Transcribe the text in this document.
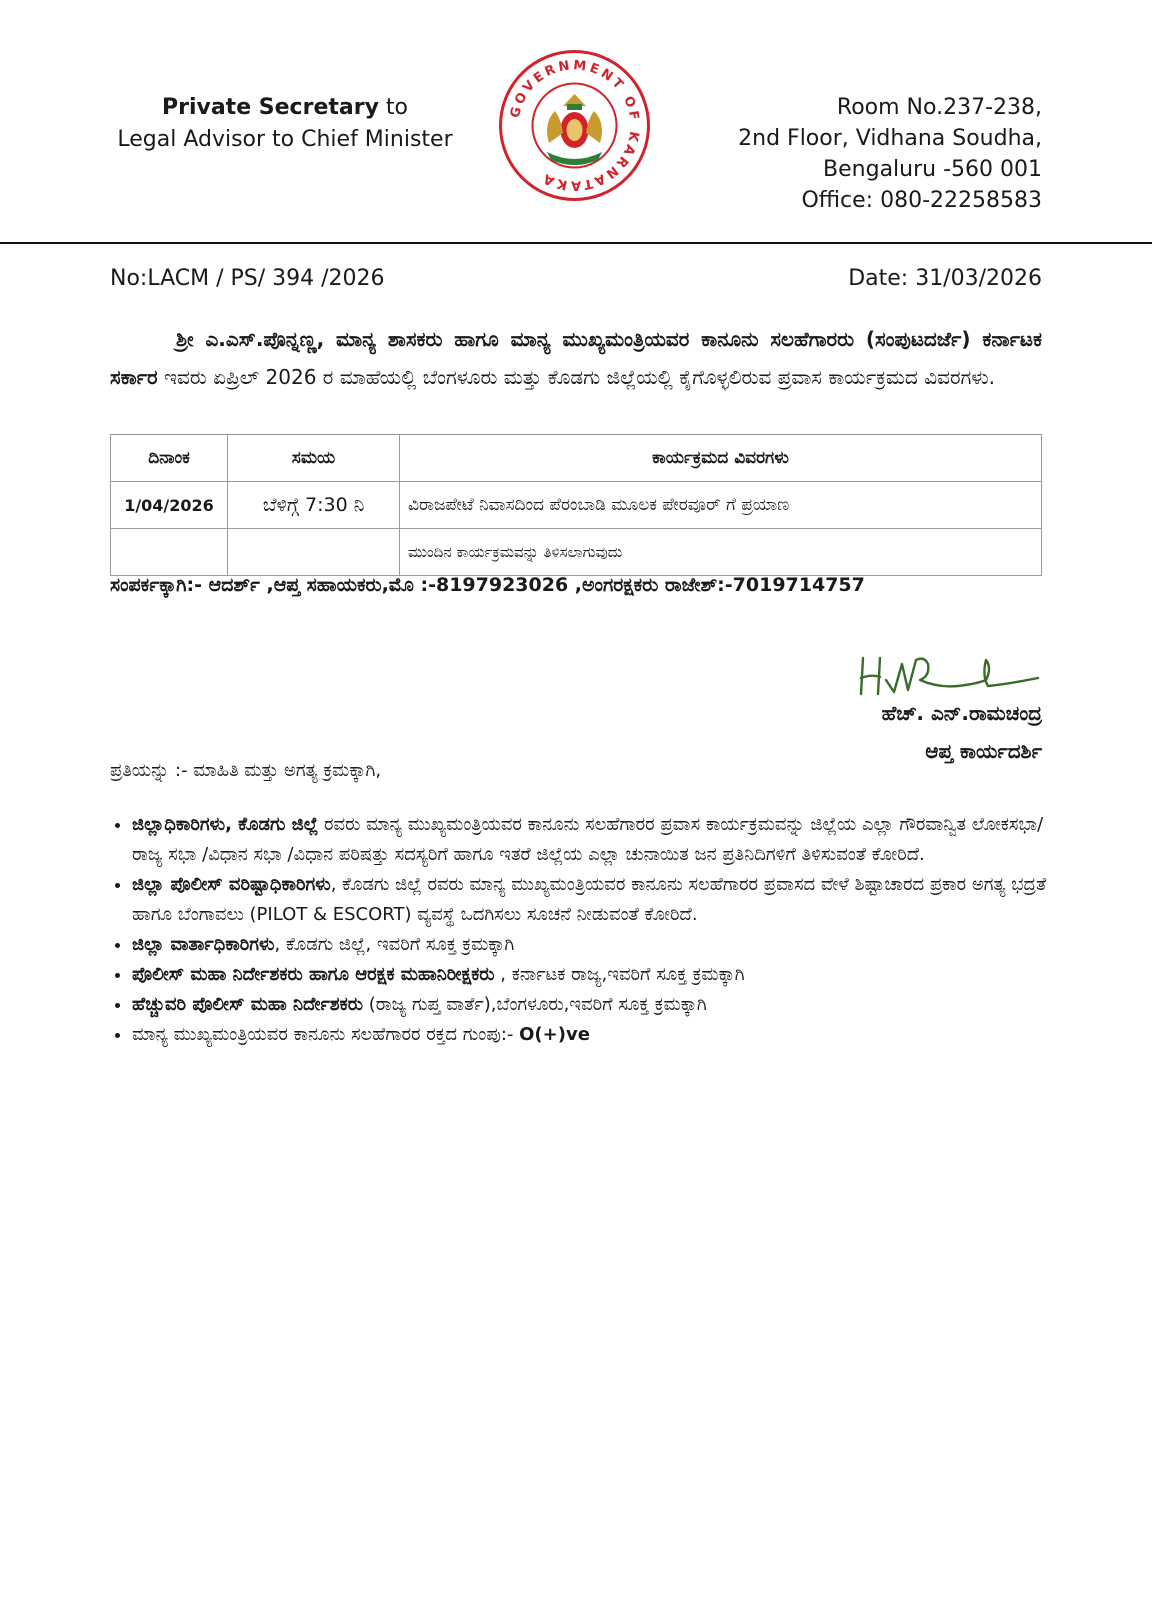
Private Secretary to
Legal Advisor to Chief Minister
GOVERNMENT OF KARNATAKA
Room No.237-238,
2nd Floor, Vidhana Soudha,
Bengaluru -560 001
Office: 080-22258583
No:LACM / PS/ 394 /2026	Date: 31/03/2026
ಶ್ರೀ ಎ.ಎಸ್.ಪೊನ್ನಣ್ಣ, ಮಾನ್ಯ ಶಾಸಕರು ಹಾಗೂ ಮಾನ್ಯ ಮುಖ್ಯಮಂತ್ರಿಯವರ ಕಾನೂನು ಸಲಹೆಗಾರರು (ಸಂಪುಟದರ್ಜೆ) ಕರ್ನಾಟಕ ಸರ್ಕಾರ ಇವರು ಏಪ್ರಿಲ್ 2026 ರ ಮಾಹೆಯಲ್ಲಿ ಬೆಂಗಳೂರು ಮತ್ತು ಕೊಡಗು ಜಿಲ್ಲೆಯಲ್ಲಿ ಕೈಗೊಳ್ಳಲಿರುವ ಪ್ರವಾಸ ಕಾರ್ಯಕ್ರಮದ ವಿವರಗಳು.
ದಿನಾಂಕ	ಸಮಯ	ಕಾರ್ಯಕ್ರಮದ ವಿವರಗಳು
1/04/2026	ಬೆಳಿಗ್ಗೆ 7:30 ನಿ	ವಿರಾಜಪೇಟೆ ನಿವಾಸದಿಂದ ಪೆರಂಬಾಡಿ ಮೂಲಕ ಪೇರವೂರ್ ಗೆ ಪ್ರಯಾಣ
		ಮುಂದಿನ ಕಾರ್ಯಕ್ರಮವನ್ನು ತಿಳಿಸಲಾಗುವುದು
ಸಂಪರ್ಕಕ್ಕಾಗಿ:- ಆದರ್ಶ್ ,ಆಪ್ತ ಸಹಾಯಕರು,ಮೊ :-8197923026 ,ಅಂಗರಕ್ಷಕರು ರಾಜೇಶ್:-7019714757
ಹೆಚ್. ಎನ್.ರಾಮಚಂದ್ರ
ಆಪ್ತ ಕಾರ್ಯದರ್ಶಿ
ಪ್ರತಿಯನ್ನು :- ಮಾಹಿತಿ ಮತ್ತು ಅಗತ್ಯ ಕ್ರಮಕ್ಕಾಗಿ,
• ಜಿಲ್ಲಾಧಿಕಾರಿಗಳು, ಕೊಡಗು ಜಿಲ್ಲೆ ರವರು ಮಾನ್ಯ ಮುಖ್ಯಮಂತ್ರಿಯವರ ಕಾನೂನು ಸಲಹೆಗಾರರ ಪ್ರವಾಸ ಕಾರ್ಯಕ್ರಮವನ್ನು ಜಿಲ್ಲೆಯ ಎಲ್ಲಾ ಗೌರವಾನ್ವಿತ ಲೋಕಸಭಾ/ರಾಜ್ಯ ಸಭಾ /ವಿಧಾನ ಸಭಾ /ವಿಧಾನ ಪರಿಷತ್ತು ಸದಸ್ಯರಿಗೆ ಹಾಗೂ ಇತರೆ ಜಿಲ್ಲೆಯ ಎಲ್ಲಾ ಚುನಾಯಿತ ಜನ ಪ್ರತಿನಿದಿಗಳಿಗೆ ತಿಳಿಸುವಂತೆ ಕೋರಿದೆ.
• ಜಿಲ್ಲಾ ಪೊಲೀಸ್ ವರಿಷ್ಟಾಧಿಕಾರಿಗಳು, ಕೊಡಗು ಜಿಲ್ಲೆ ರವರು ಮಾನ್ಯ ಮುಖ್ಯಮಂತ್ರಿಯವರ ಕಾನೂನು ಸಲಹೆಗಾರರ ಪ್ರವಾಸದ ವೇಳೆ ಶಿಷ್ಟಾಚಾರದ ಪ್ರಕಾರ ಅಗತ್ಯ ಭದ್ರತೆ ಹಾಗೂ ಬೆಂಗಾವಲು (PILOT & ESCORT) ವ್ಯವಸ್ಥೆ ಒದಗಿಸಲು ಸೂಚನೆ ನೀಡುವಂತೆ ಕೋರಿದೆ.
• ಜಿಲ್ಲಾ ವಾರ್ತಾಧಿಕಾರಿಗಳು, ಕೊಡಗು ಜಿಲ್ಲೆ, ಇವರಿಗೆ ಸೂಕ್ತ ಕ್ರಮಕ್ಕಾಗಿ
• ಪೊಲೀಸ್ ಮಹಾ ನಿರ್ದೇಶಕರು ಹಾಗೂ ಆರಕ್ಷಕ ಮಹಾನಿರೀಕ್ಷಕರು , ಕರ್ನಾಟಕ ರಾಜ್ಯ,ಇವರಿಗೆ ಸೂಕ್ತ ಕ್ರಮಕ್ಕಾಗಿ
• ಹೆಚ್ಚುವರಿ ಪೊಲೀಸ್ ಮಹಾ ನಿರ್ದೇಶಕರು (ರಾಜ್ಯ ಗುಪ್ತ ವಾರ್ತೆ),ಬೆಂಗಳೂರು,ಇವರಿಗೆ ಸೂಕ್ತ ಕ್ರಮಕ್ಕಾಗಿ
• ಮಾನ್ಯ ಮುಖ್ಯಮಂತ್ರಿಯವರ ಕಾನೂನು ಸಲಹೆಗಾರರ ರಕ್ತದ ಗುಂಪು:- O(+)ve
